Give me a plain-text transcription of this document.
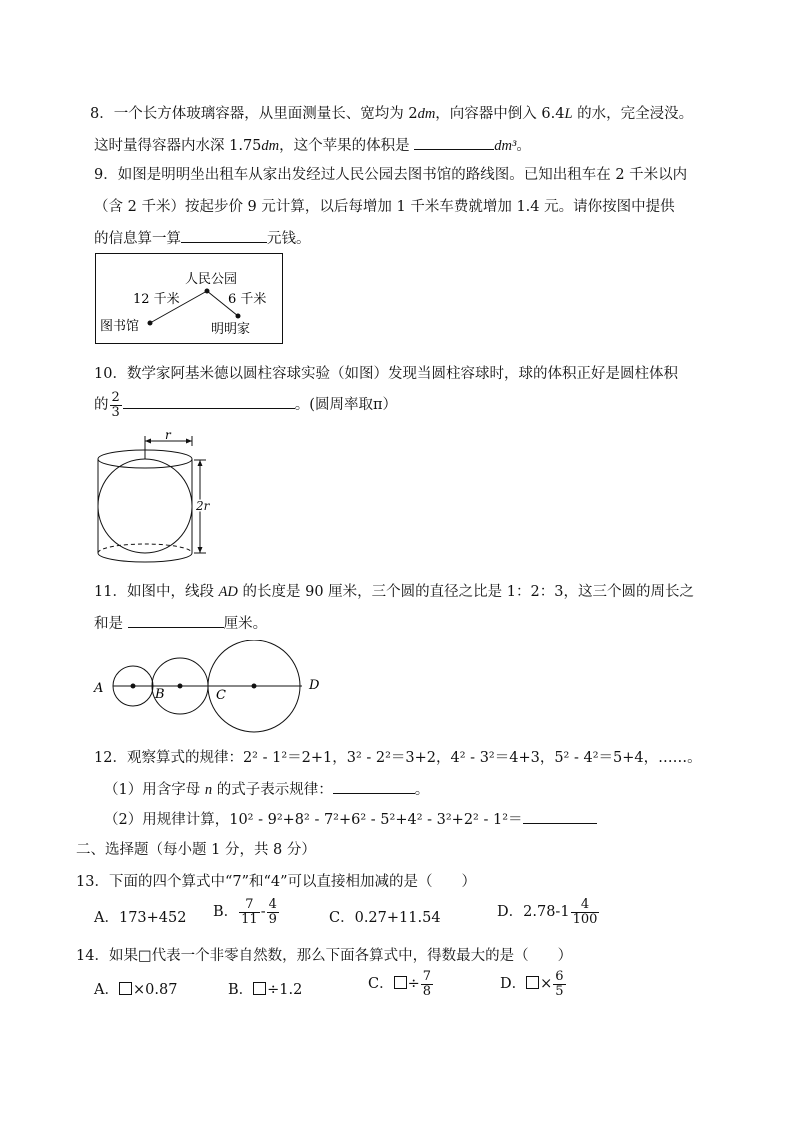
8．一个长方体玻璃容器，从里面测量长、宽均为 2dm，向容器中倒入 6.4L 的水，完全浸没。
这时量得容器内水深 1.75dm，这个苹果的体积是	dm³。
9．如图是明明坐出租车从家出发经过人民公园去图书馆的路线图。已知出租车在 2 千米以内
（含 2 千米）按起步价 9 元计算，以后每增加 1 千米车费就增加 1.4 元。请你按图中提供
的信息算一算	元钱。
人民公园
12 千米	6 千米
图书馆	明明家
10．数学家阿基米德以圆柱容球实验（如图）发现当圆柱容球时，球的体积正好是圆柱体积
的 $\frac{2}{3}$	。(圆周率取π）
r
2r
11．如图中，线段 AD 的长度是 90 厘米，三个圆的直径之比是 1：2：3，这三个圆的周长之
和是	厘米。
A	B	C
D
12．观察算式的规律：2² - 1²＝2+1，3² - 2²＝3+2，4² - 3²＝4+3，5² - 4²＝5+4，……。
（1）用含字母 n 的式子表示规律：	。
（2）用规律计算，10² - 9²+8² - 7²+6² - 5²+4² - 3²+2² - 1²＝
二、选择题（每小题 1 分，共 8 分）
13．下面的四个算式中“7”和“4”可以直接相加减的是（　　）
A．173+452 B． $\frac{7}{11} - \frac{4}{9}$	C．0.27+11.54	D．$2.78-1 \frac{4}{100}$
14．如果□代表一个非零自然数，那么下面各算式中，得数最大的是（　　）
A． ×0.87	B． ÷1.2	C． ÷ $\frac{7}{8}$	D． × $\frac{6}{5}$
